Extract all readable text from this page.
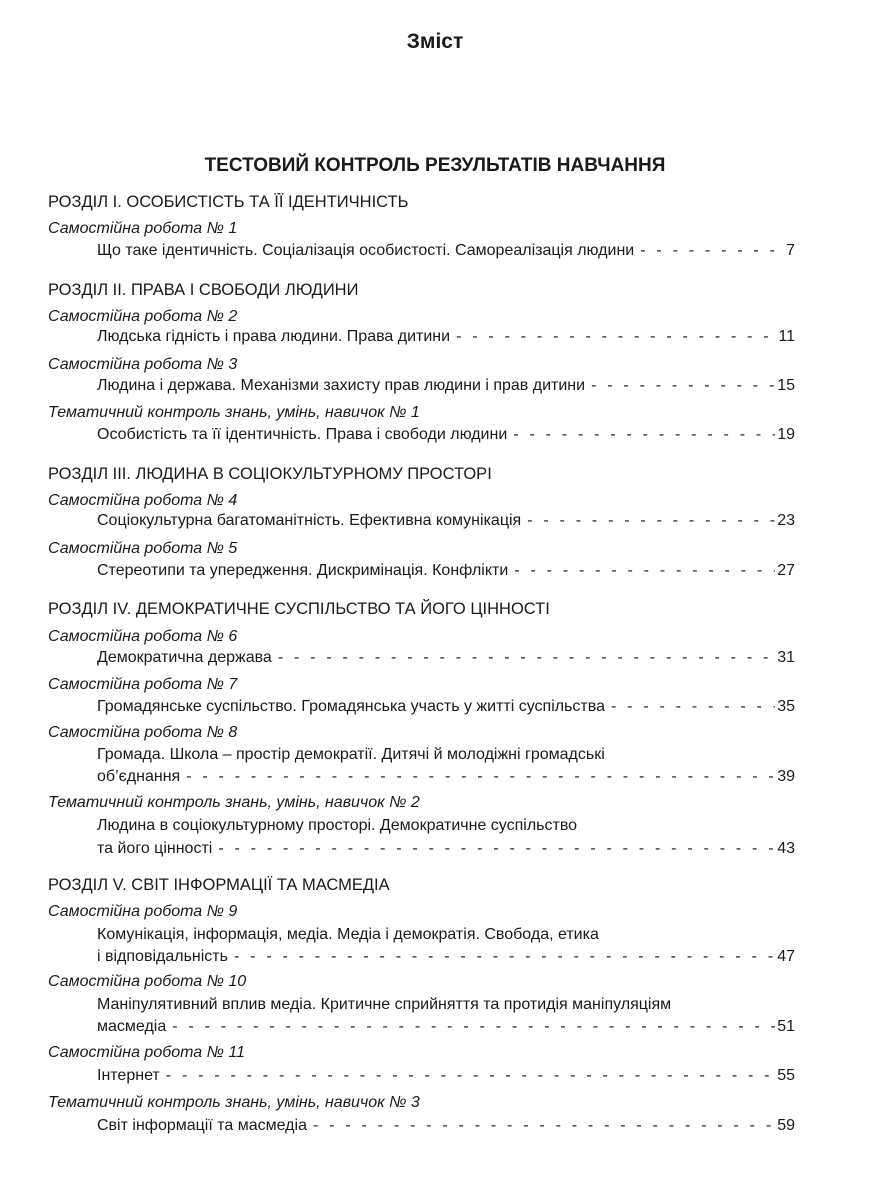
Зміст
ТЕСТОВИЙ КОНТРОЛЬ РЕЗУЛЬТАТІВ НАВЧАННЯ
РОЗДІЛ І. ОСОБИСТІСТЬ ТА ЇЇ ІДЕНТИЧНІСТЬ
Самостійна робота № 1
Що таке ідентичність. Соціалізація особистості. Самореалізація людини - - -	7
РОЗДІЛ ІІ. ПРАВА І СВОБОДИ ЛЮДИНИ
Самостійна робота № 2
Людська гідність і права людини. Права дитини - - -	11
Самостійна робота № 3
Людина і держава. Механізми захисту прав людини і прав дитини - - -	15
Тематичний контроль знань, умінь, навичок № 1
Особистість та її ідентичність. Права і свободи людини - - -	19
РОЗДІЛ ІІІ. ЛЮДИНА В СОЦІОКУЛЬТУРНОМУ ПРОСТОРІ
Самостійна робота № 4
Соціокультурна багатоманітність. Ефективна комунікація - - -	23
Самостійна робота № 5
Стереотипи та упередження. Дискримінація. Конфлікти - - -	27
РОЗДІЛ ІV. ДЕМОКРАТИЧНЕ СУСПІЛЬСТВО ТА ЙОГО ЦІННОСТІ
Самостійна робота № 6
Демократична держава - - -	31
Самостійна робота № 7
Громадянське суспільство. Громадянська участь у житті суспільства - - -	35
Самостійна робота № 8
Громада. Школа – простір демократії. Дитячі й молодіжні громадські
об’єднання - - -	39
Тематичний контроль знань, умінь, навичок № 2
Людина в соціокультурному просторі. Демократичне суспільство
та його цінності - - -	43
РОЗДІЛ V. СВІТ ІНФОРМАЦІЇ ТА МАСМЕДІА
Самостійна робота № 9
Комунікація, інформація, медіа. Медіа і демократія. Свобода, етика
і відповідальність - - -	47
Самостійна робота № 10
Маніпулятивний вплив медіа. Критичне сприйняття та протидія маніпуляціям
масмедіа - - -	51
Самостійна робота № 11
Інтернет - - -	55
Тематичний контроль знань, умінь, навичок № 3
Світ інформації та масмедіа - - -	59
